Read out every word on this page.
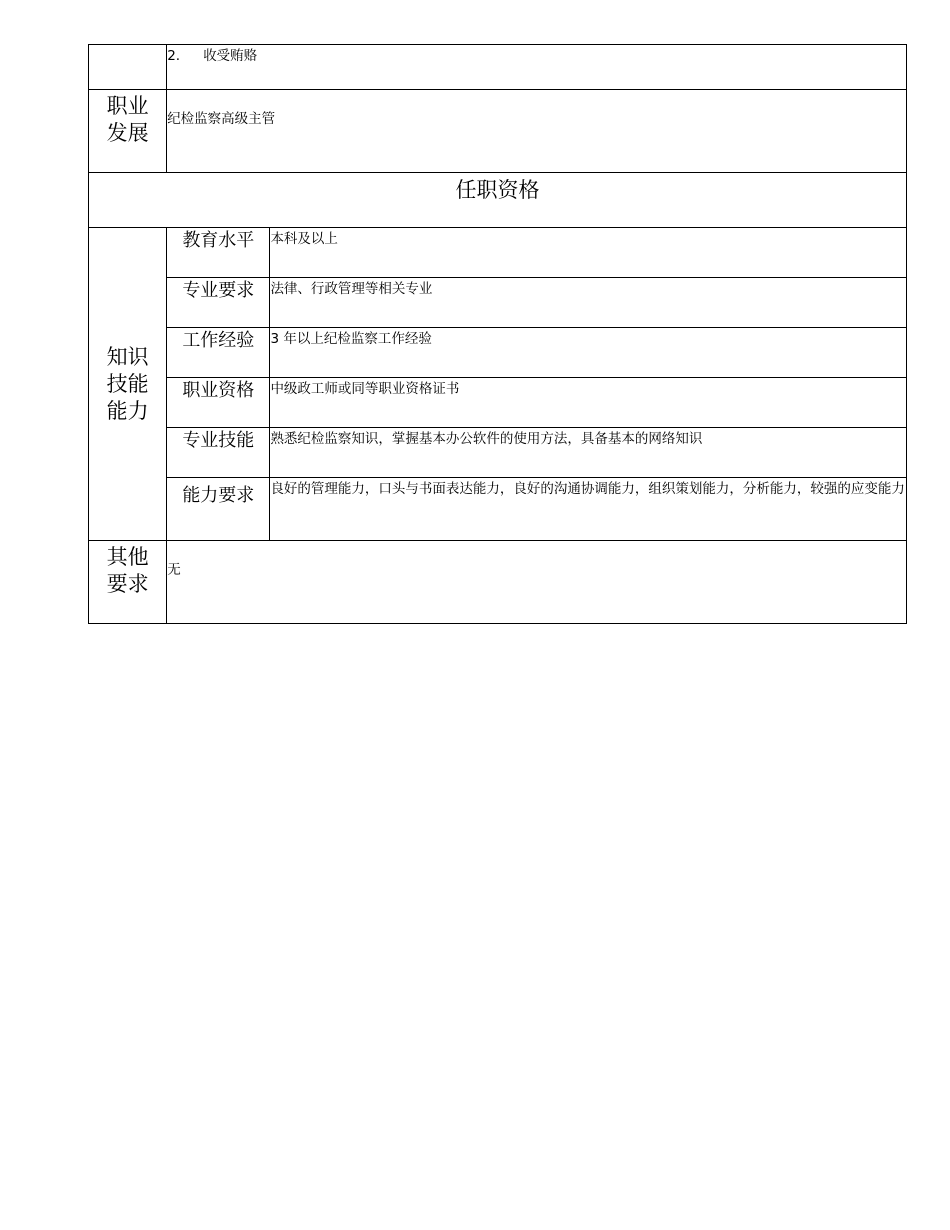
	2. 收受贿赂	

职业
发展	纪检监察高级主管	
任职资格		

知识
技能
能力	教育水平	本科及以上
	专业要求	法律、行政管理等相关专业
	工作经验	3 年以上纪检监察工作经验
	职业资格	中级政工师或同等职业资格证书
	专业技能	熟悉纪检监察知识，掌握基本办公软件的使用方法，具备基本的网络知识
	能力要求	良好的管理能力，口头与书面表达能力，良好的沟通协调能力，组织策划能力，分析能力，较强的应变能力

其他
要求	无	
